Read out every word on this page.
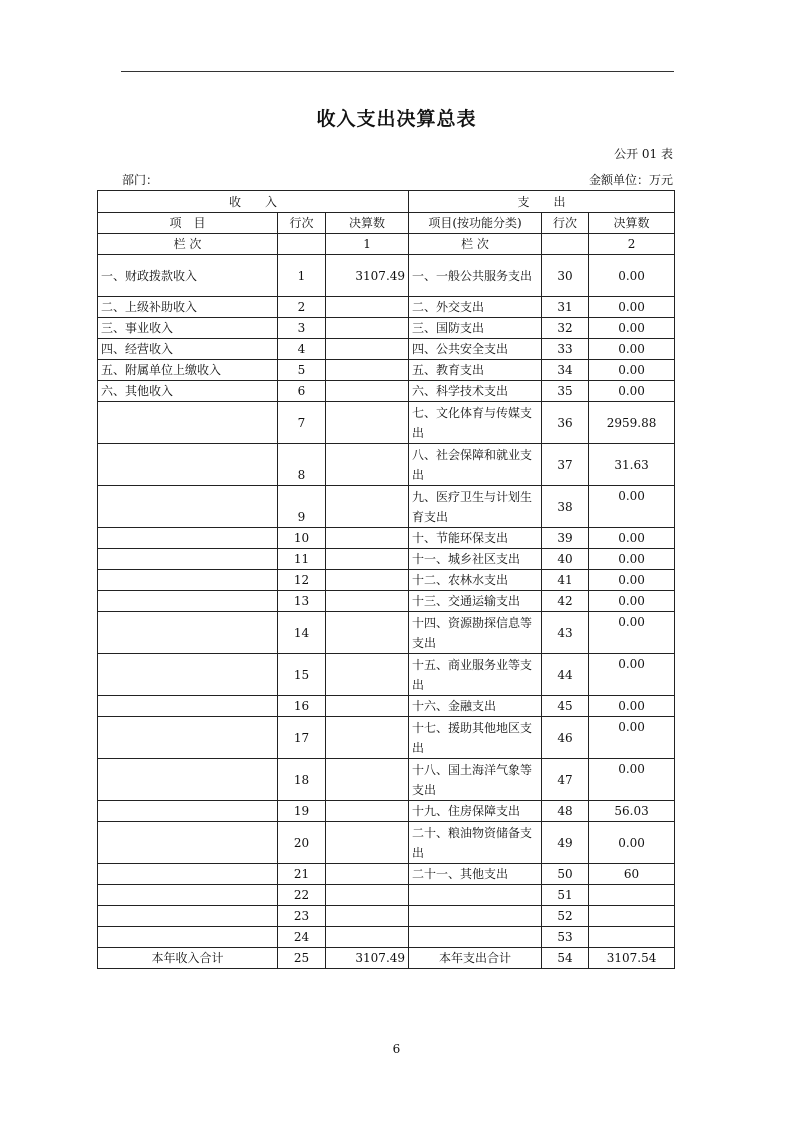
收入支出决算总表
公开 01 表
部门：	金额单位：万元
收　　入			支　　出		
项　目	行次	决算数	项目(按功能分类)	行次	决算数
栏 次		1	栏 次		2
一、财政拨款收入	1	3107.49	一、一般公共服务支出	30	0.00
二、上级补助收入	2		二、外交支出	31	0.00
三、事业收入	3		三、国防支出	32	0.00
四、经营收入	4		四、公共安全支出	33	0.00
五、附属单位上缴收入	5		五、教育支出	34	0.00
六、其他收入	6		六、科学技术支出	35	0.00
	7		七、文化体育与传媒支出	36	2959.88
	8		八、社会保障和就业支出	37	31.63
	9		九、医疗卫生与计划生育支出	38	0.00
	10		十、节能环保支出	39	0.00
	11		十一、城乡社区支出	40	0.00
	12		十二、农林水支出	41	0.00
	13		十三、交通运输支出	42	0.00
	14		十四、资源勘探信息等支出	43	0.00
	15		十五、商业服务业等支出	44	0.00
	16		十六、金融支出	45	0.00
	17		十七、援助其他地区支出	46	0.00
	18		十八、国土海洋气象等支出	47	0.00
	19		十九、住房保障支出	48	56.03
	20		二十、粮油物资储备支出	49	0.00
	21		二十一、其他支出	50	60
	22			51	
	23			52	
	24			53	
本年收入合计	25	3107.49	本年支出合计	54	3107.54
6
